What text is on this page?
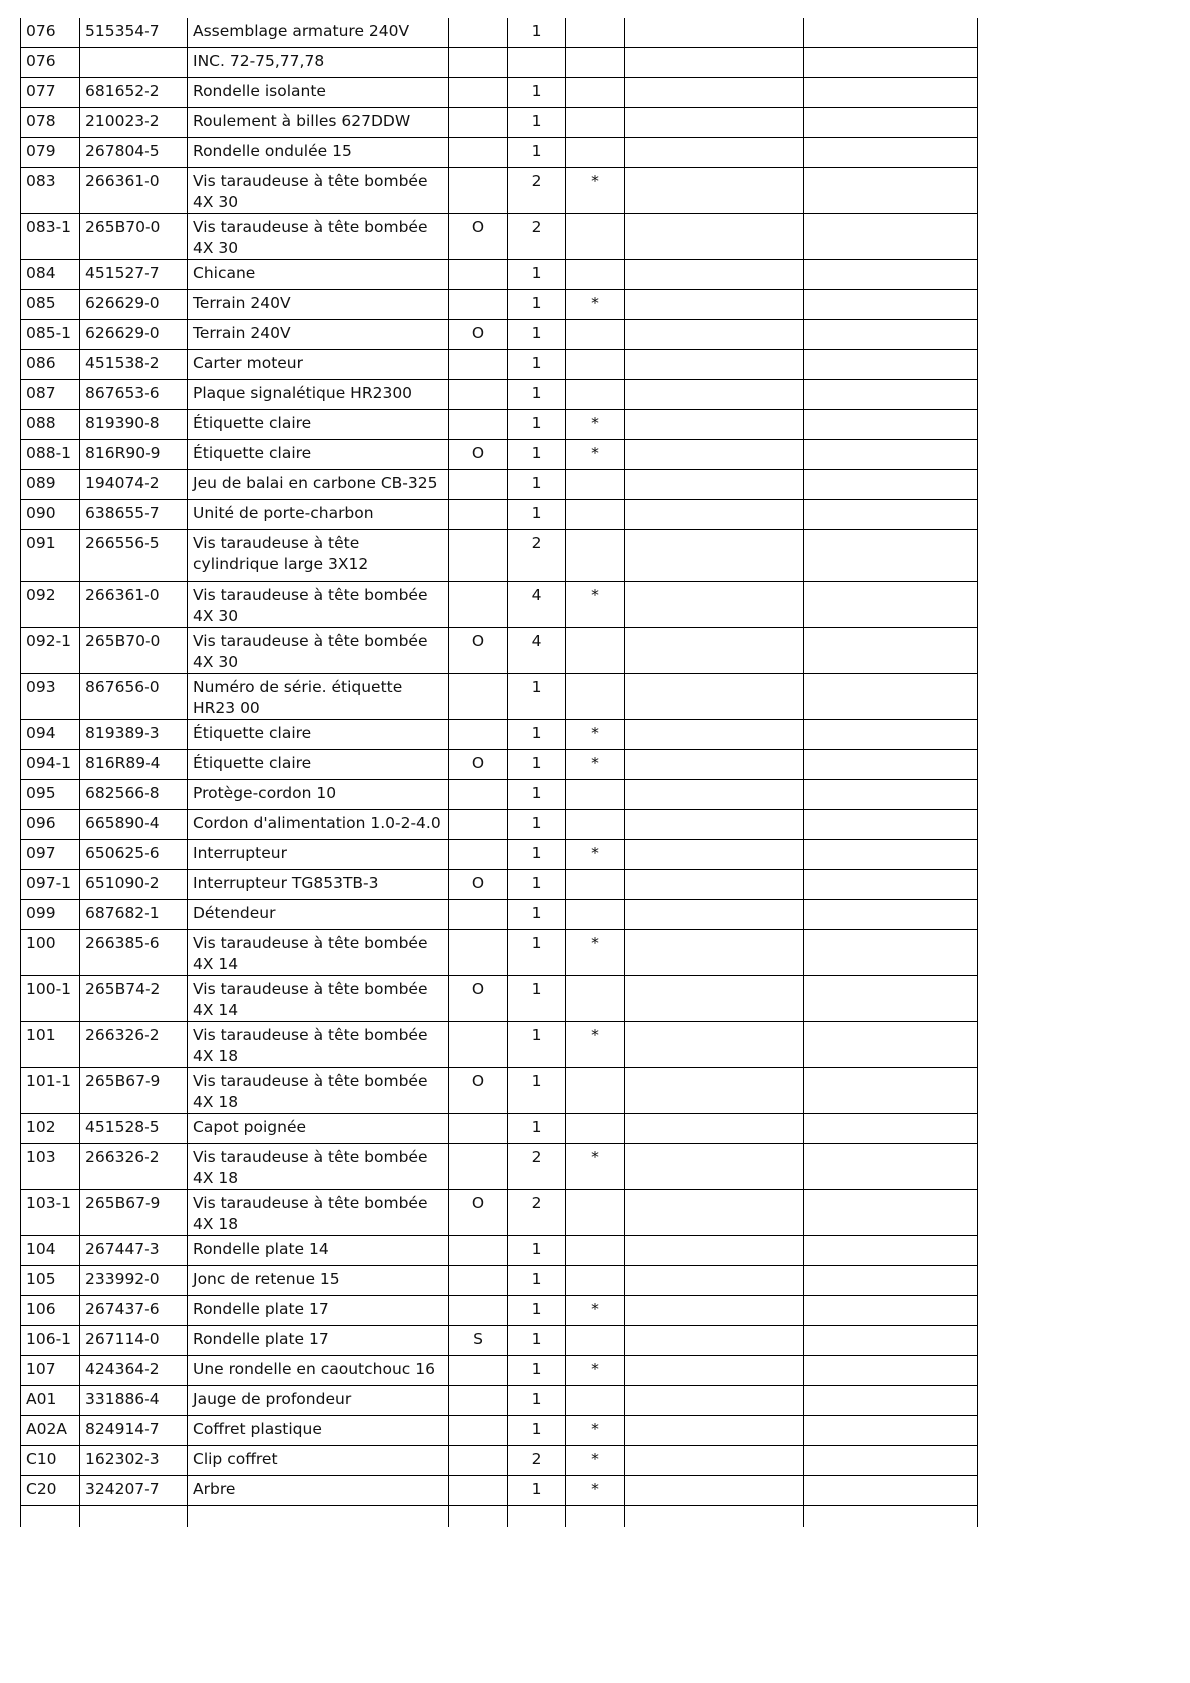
076	515354-7	Assemblage armature 240V		1			
076		INC. 72-75,77,78					
077	681652-2	Rondelle isolante		1			
078	210023-2	Roulement à billes 627DDW		1			
079	267804-5	Rondelle ondulée 15		1			
083	266361-0	Vis taraudeuse à tête bombée 4X 30		2	*		
083-1	265B70-0	Vis taraudeuse à tête bombée 4X 30	O	2			
084	451527-7	Chicane		1			
085	626629-0	Terrain 240V		1	*		
085-1	626629-0	Terrain 240V	O	1			
086	451538-2	Carter moteur		1			
087	867653-6	Plaque signalétique HR2300		1			
088	819390-8	Étiquette claire		1	*		
088-1	816R90-9	Étiquette claire	O	1	*		
089	194074-2	Jeu de balai en carbone CB-325		1			
090	638655-7	Unité de porte-charbon		1			
091	266556-5	Vis taraudeuse à tête cylindrique large 3X12		2			
092	266361-0	Vis taraudeuse à tête bombée 4X 30		4	*		
092-1	265B70-0	Vis taraudeuse à tête bombée 4X 30	O	4			
093	867656-0	Numéro de série. étiquette HR23 00		1			
094	819389-3	Étiquette claire		1	*		
094-1	816R89-4	Étiquette claire	O	1	*		
095	682566-8	Protège-cordon 10		1			
096	665890-4	Cordon d'alimentation 1.0-2-4.0		1			
097	650625-6	Interrupteur		1	*		
097-1	651090-2	Interrupteur TG853TB-3	O	1			
099	687682-1	Détendeur		1			
100	266385-6	Vis taraudeuse à tête bombée 4X 14		1	*		
100-1	265B74-2	Vis taraudeuse à tête bombée 4X 14	O	1			
101	266326-2	Vis taraudeuse à tête bombée 4X 18		1	*		
101-1	265B67-9	Vis taraudeuse à tête bombée 4X 18	O	1			
102	451528-5	Capot poignée		1			
103	266326-2	Vis taraudeuse à tête bombée 4X 18		2	*		
103-1	265B67-9	Vis taraudeuse à tête bombée 4X 18	O	2			
104	267447-3	Rondelle plate 14		1			
105	233992-0	Jonc de retenue 15		1			
106	267437-6	Rondelle plate 17		1	*		
106-1	267114-0	Rondelle plate 17	S	1			
107	424364-2	Une rondelle en caoutchouc 16		1	*		
A01	331886-4	Jauge de profondeur		1			
A02A	824914-7	Coffret plastique		1	*		
C10	162302-3	Clip coffret		2	*		
C20	324207-7	Arbre		1	*		
